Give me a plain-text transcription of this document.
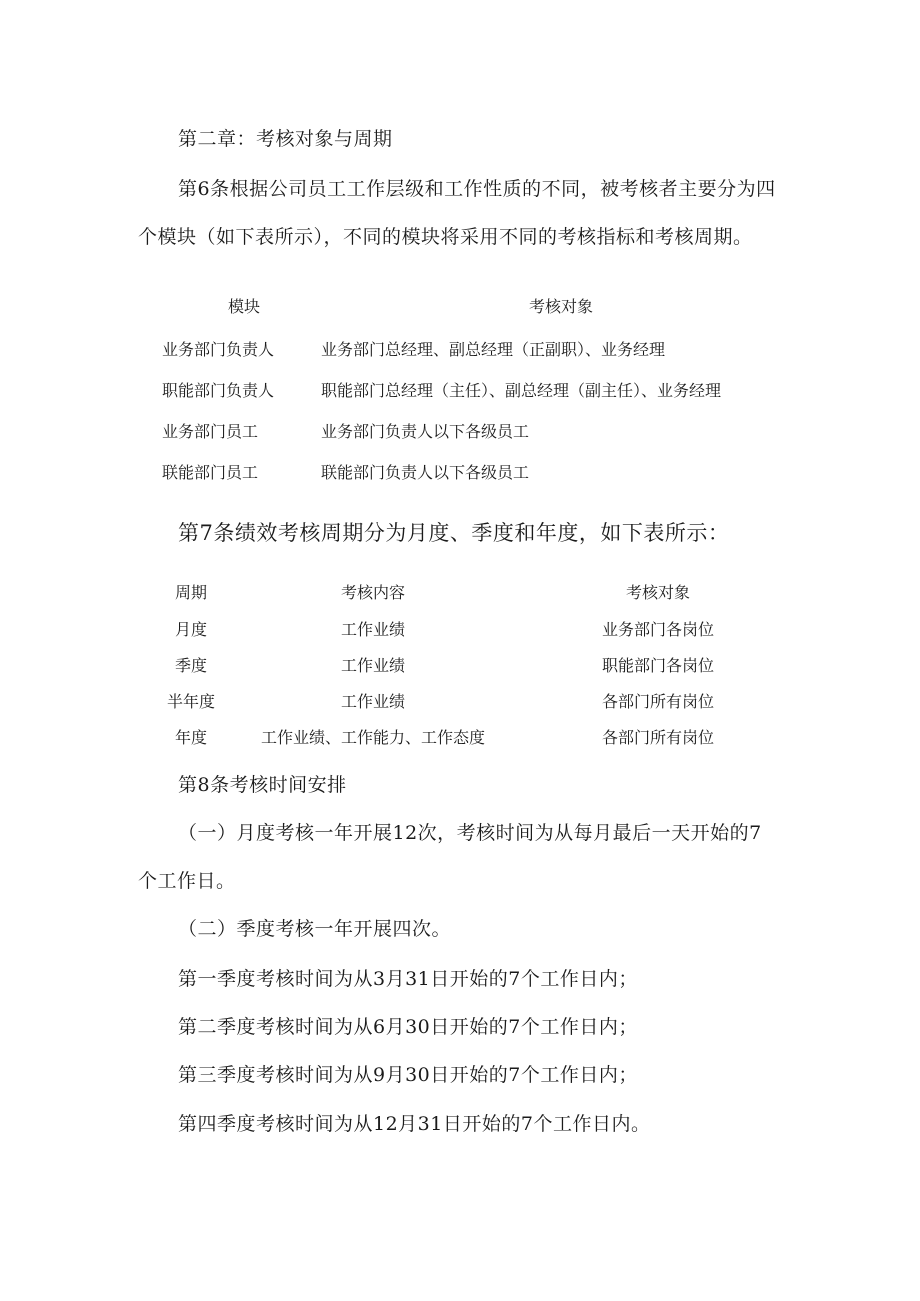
第二章：考核对象与周期
第6条根据公司员工工作层级和工作性质的不同，被考核者主要分为四
个模块（如下表所示），不同的模块将采用不同的考核指标和考核周期。
模块	考核对象
业务部门负责人	业务部门总经理、副总经理（正副职）、业务经理
职能部门负责人	职能部门总经理（主任）、副总经理（副主任）、业务经理
业务部门员工	业务部门负责人以下各级员工
联能部门员工	联能部门负责人以下各级员工
第7条绩效考核周期分为月度、季度和年度，如下表所示：
周期	考核内容	考核对象
月度	工作业绩	业务部门各岗位
季度	工作业绩	职能部门各岗位
半年度	工作业绩	各部门所有岗位
年度	工作业绩、工作能力、工作态度	各部门所有岗位
第8条考核时间安排
（一）月度考核一年开展12次，考核时间为从每月最后一天开始的7
个工作日。
（二）季度考核一年开展四次。
第一季度考核时间为从3月31日开始的7个工作日内；
第二季度考核时间为从6月30日开始的7个工作日内；
第三季度考核时间为从9月30日开始的7个工作日内；
第四季度考核时间为从12月31日开始的7个工作日内。
